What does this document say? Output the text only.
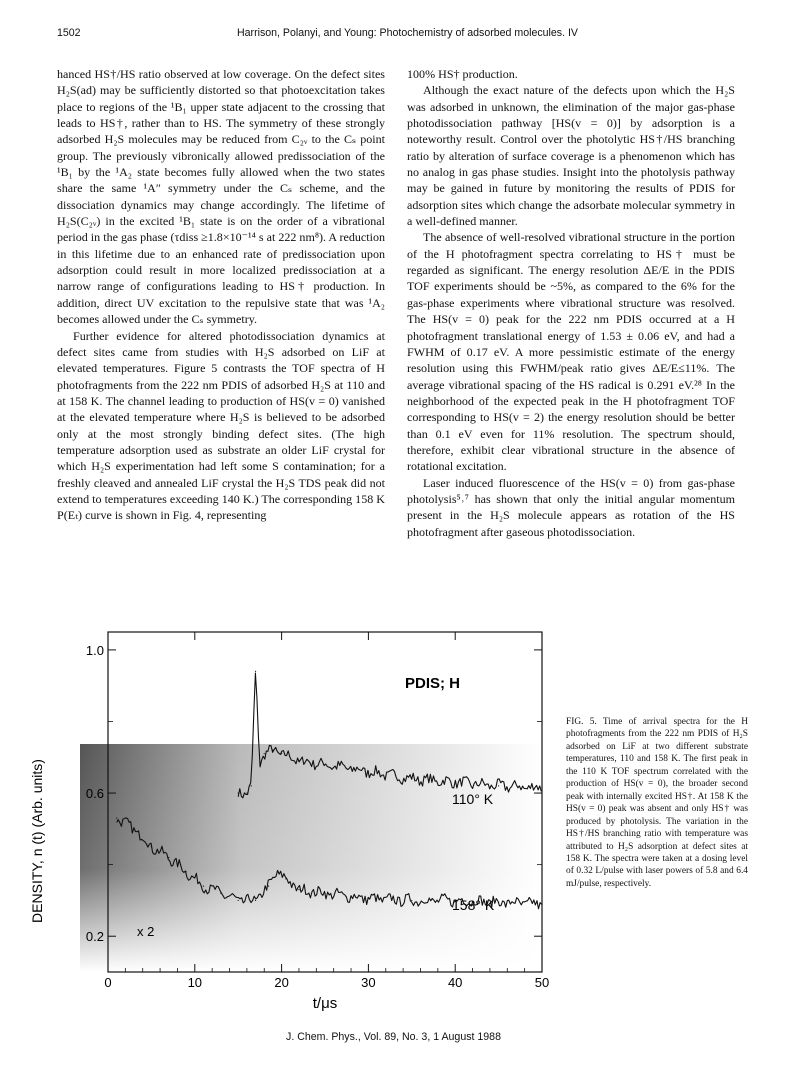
1502	Harrison, Polanyi, and Young: Photochemistry of adsorbed molecules. IV

hanced HS†/HS ratio observed at low coverage. On the defect sites H₂S(ad) may be sufficiently distorted so that photoexcitation takes place to regions of the ¹B₁ upper state adjacent to the crossing that leads to HS†, rather than to HS. The symmetry of these strongly adsorbed H₂S molecules may be reduced from C₂ᵥ to the Cₛ point group. The previously vibronically allowed predissociation of the ¹B₁ by the ¹A₂ state becomes fully allowed when the two states share the same ¹A″ symmetry under the Cₛ scheme, and the dissociation dynamics may change accordingly. The lifetime of H₂S(C₂ᵥ) in the excited ¹B₁ state is on the order of a vibrational period in the gas phase (τdiss ≥1.8×10⁻¹⁴ s at 222 nm⁸). A reduction in this lifetime due to an enhanced rate of predissociation upon adsorption could result in more localized predissociation at a narrow range of configurations leading to HS† production. In addition, direct UV excitation to the repulsive state that was ¹A₂ becomes allowed under the Cₛ symmetry.

Further evidence for altered photodissociation dynamics at defect sites came from studies with H₂S adsorbed on LiF at elevated temperatures. Figure 5 contrasts the TOF spectra of H photofragments from the 222 nm PDIS of adsorbed H₂S at 110 and at 158 K. The channel leading to production of HS(v = 0) vanished at the elevated temperature where H₂S is believed to be adsorbed only at the most strongly binding defect sites. (The high temperature adsorption used as substrate an older LiF crystal for which H₂S experimentation had left some S contamination; for a freshly cleaved and annealed LiF crystal the H₂S TDS peak did not extend to temperatures exceeding 140 K.) The corresponding 158 K P(Eₜ) curve is shown in Fig. 4, representing

100% HS† production.

Although the exact nature of the defects upon which the H₂S was adsorbed in unknown, the elimination of the major gas-phase photodissociation pathway [HS(v = 0)] by adsorption is a noteworthy result. Control over the photolytic HS†/HS branching ratio by alteration of surface coverage is a phenomenon which has no analog in gas phase studies. Insight into the photolysis pathway may be gained in future by monitoring the results of PDIS for adsorption sites which change the adsorbate molecular symmetry in a well-defined manner.

The absence of well-resolved vibrational structure in the portion of the H photofragment spectra correlating to HS† must be regarded as significant. The energy resolution ΔE/E in the PDIS TOF experiments should be ~5%, as compared to the 6% for the gas-phase experiments where vibrational structure was resolved. The HS(v = 0) peak for the 222 nm PDIS occurred at a H photofragment translational energy of 1.53 ± 0.06 eV, and had a FWHM of 0.17 eV. A more pessimistic estimate of the energy resolution using this FWHM/peak ratio gives ΔE/E≤11%. The average vibrational spacing of the HS radical is 0.291 eV.²⁸ In the neighborhood of the expected peak in the H photofragment TOF corresponding to HS(v = 2) the energy resolution should be better than 0.1 eV even for 11% resolution. The spectrum should, therefore, exhibit clear vibrational structure in the absence of rotational excitation.

Laser induced fluorescence of the HS(v = 0) from gas-phase photolysis⁵˒⁷ has shown that only the initial angular momentum present in the H₂S molecule appears as rotation of the HS photofragment after gaseous photodissociation.

0	10	20	30	40	50
0.2
0.6
1.0
PDIS; H
110° K
158° K
x 2
DENSITY, n (t) (Arb. units)
t/μs
FIG. 5. Time of arrival spectra for the H photofragments from the 222 nm PDIS of H₂S adsorbed on LiF at two different substrate temperatures, 110 and 158 K. The first peak in the 110 K TOF spectrum correlated with the production of HS(v = 0), the broader second peak with internally excited HS†. At 158 K the HS(v = 0) peak was absent and only HS† was produced by photolysis. The variation in the HS†/HS branching ratio with temperature was attributed to H₂S adsorption at defect sites at 158 K. The spectra were taken at a dosing level of 0.32 L/pulse with laser powers of 5.8 and 6.4 mJ/pulse, respectively.
J. Chem. Phys., Vol. 89, No. 3, 1 August 1988
